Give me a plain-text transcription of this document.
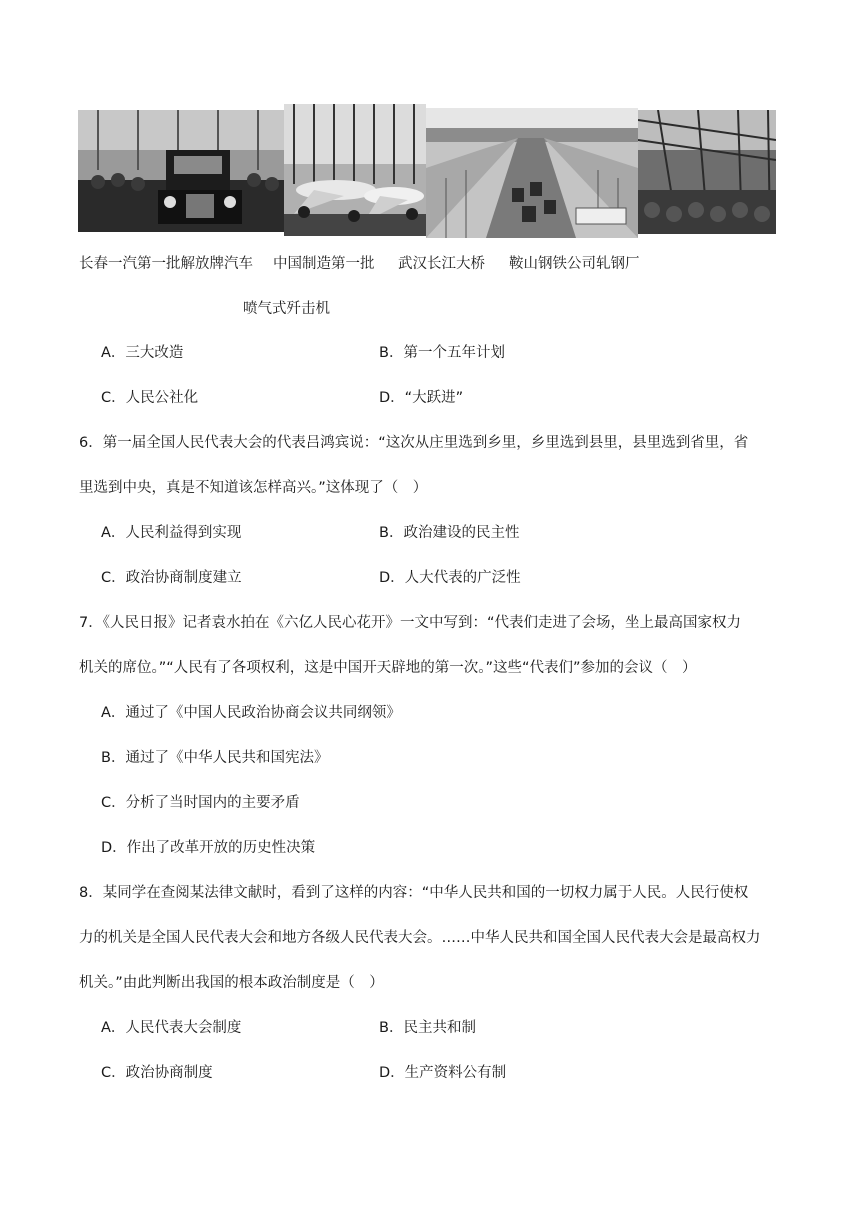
长春一汽第一批解放牌汽车 中国制造第一批 武汉长江大桥 鞍山钢铁公司轧钢厂
喷气式歼击机
A．三大改造	B．第一个五年计划
C．人民公社化	D．“大跃进”
6．第一届全国人民代表大会的代表吕鸿宾说：“这次从庄里选到乡里，乡里选到县里，县里选到省里，省
里选到中央，真是不知道该怎样高兴。”这体现了（　）
A．人民利益得到实现	B．政治建设的民主性
C．政治协商制度建立	D．人大代表的广泛性
7．《人民日报》记者袁水拍在《六亿人民心花开》一文中写到：“代表们走进了会场，坐上最高国家权力
机关的席位。”“人民有了各项权利，这是中国开天辟地的第一次。”这些“代表们”参加的会议（　）
A．通过了《中国人民政治协商会议共同纲领》
B．通过了《中华人民共和国宪法》
C．分析了当时国内的主要矛盾
D．作出了改革开放的历史性决策
8．某同学在查阅某法律文献时，看到了这样的内容：“中华人民共和国的一切权力属于人民。人民行使权
力的机关是全国人民代表大会和地方各级人民代表大会。……中华人民共和国全国人民代表大会是最高权力
机关。”由此判断出我国的根本政治制度是（　）
A．人民代表大会制度	B．民主共和制
C．政治协商制度	D．生产资料公有制
